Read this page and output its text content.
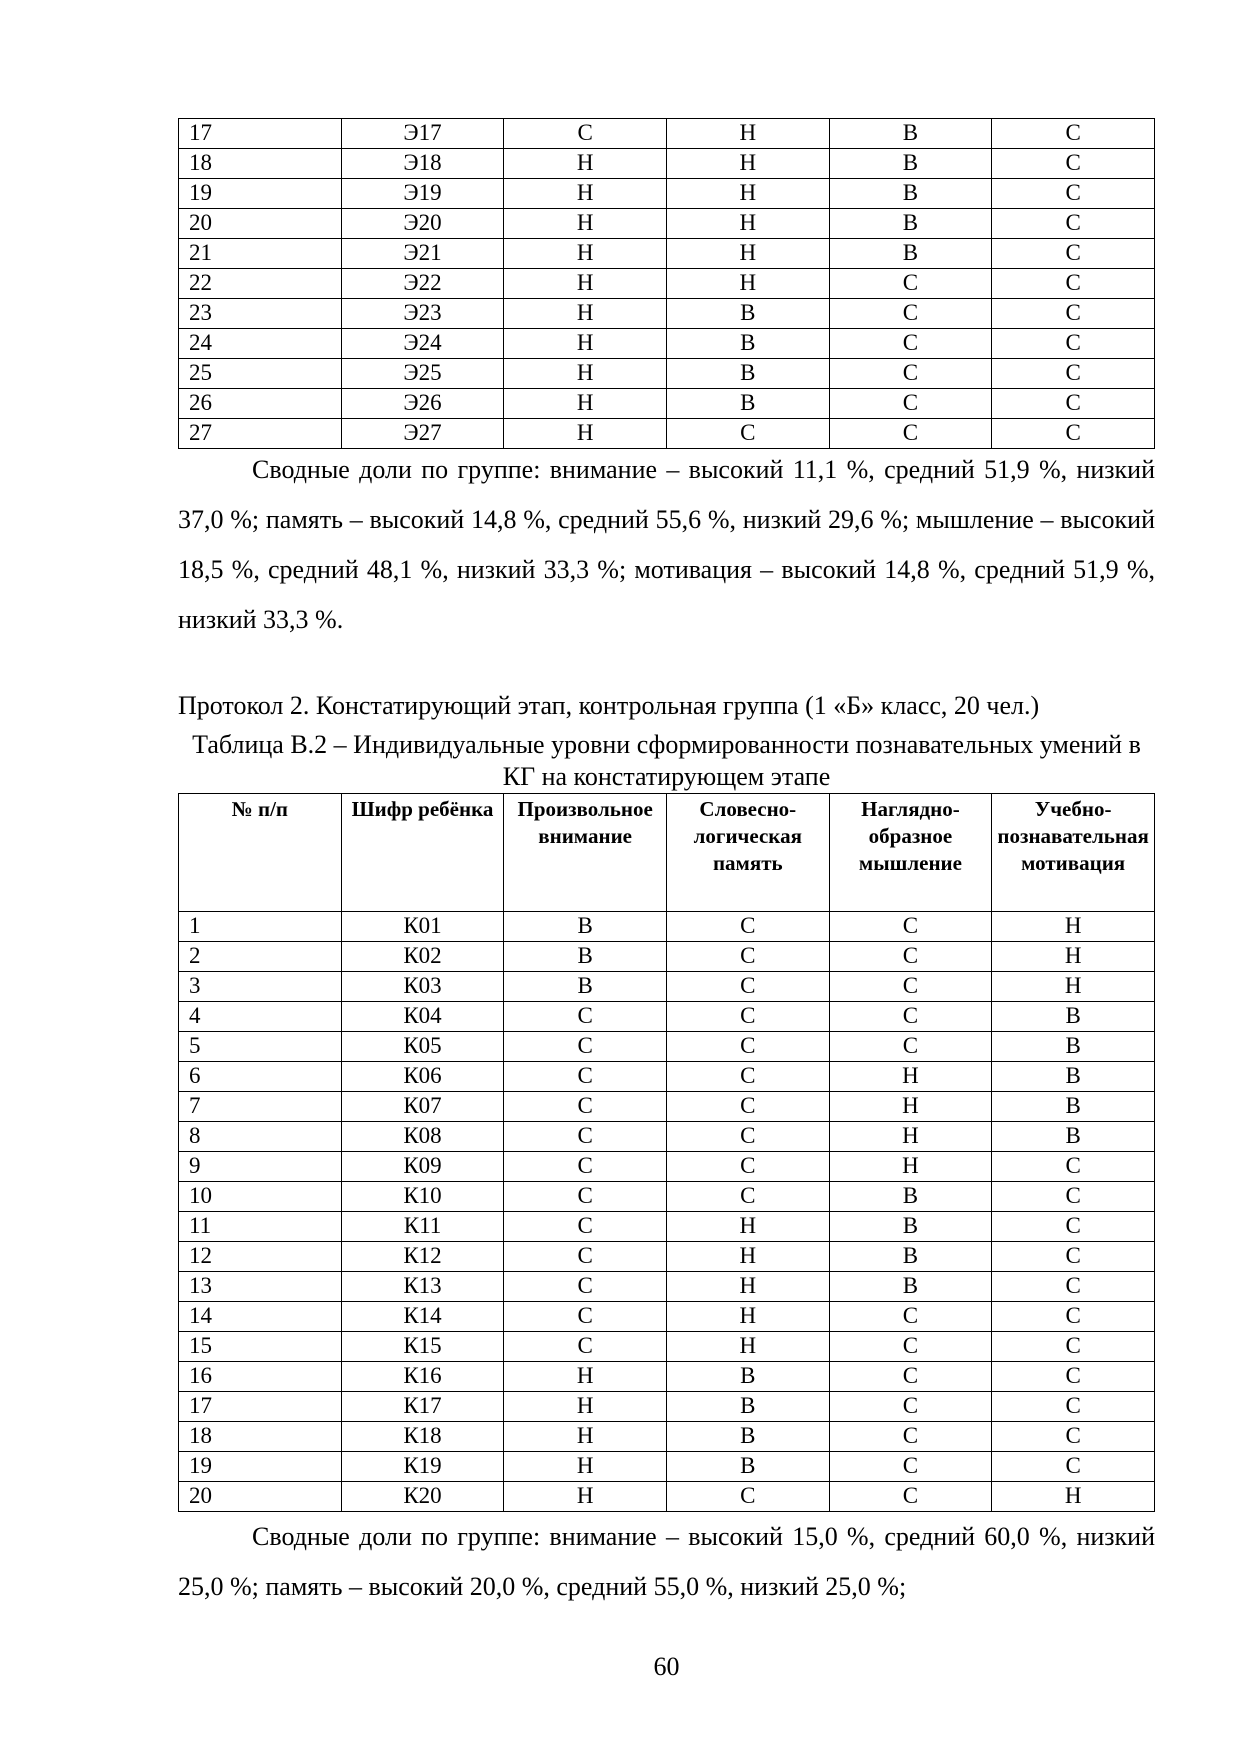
17	Э17	С	Н	В	С
18	Э18	Н	Н	В	С
19	Э19	Н	Н	В	С
20	Э20	Н	Н	В	С
21	Э21	Н	Н	В	С
22	Э22	Н	Н	С	С
23	Э23	Н	В	С	С
24	Э24	Н	В	С	С
25	Э25	Н	В	С	С
26	Э26	Н	В	С	С
27	Э27	Н	С	С	С

Сводные доли по группе: внимание – высокий 11,1 %, средний 51,9 %, низкий 37,0 %; память – высокий 14,8 %, средний 55,6 %, низкий 29,6 %; мышление – высокий 18,5 %, средний 48,1 %, низкий 33,3 %; мотивация – высокий 14,8 %, средний 51,9 %, низкий 33,3 %.

Протокол 2. Констатирующий этап, контрольная группа (1 «Б» класс, 20 чел.)

Таблица В.2 – Индивидуальные уровни сформированности познавательных умений в КГ на констатирующем этапе

№ п/п	Шифр ребёнка	Произвольное внимание	Словесно-логическая память	Наглядно-образное мышление	Учебно-познавательная мотивация
1	К01	В	С	С	Н
2	К02	В	С	С	Н
3	К03	В	С	С	Н
4	К04	С	С	С	В
5	К05	С	С	С	В
6	К06	С	С	Н	В
7	К07	С	С	Н	В
8	К08	С	С	Н	В
9	К09	С	С	Н	С
10	К10	С	С	В	С
11	К11	С	Н	В	С
12	К12	С	Н	В	С
13	К13	С	Н	В	С
14	К14	С	Н	С	С
15	К15	С	Н	С	С
16	К16	Н	В	С	С
17	К17	Н	В	С	С
18	К18	Н	В	С	С
19	К19	Н	В	С	С
20	К20	Н	С	С	Н

Сводные доли по группе: внимание – высокий 15,0 %, средний 60,0 %, низкий 25,0 %; память – высокий 20,0 %, средний 55,0 %, низкий 25,0 %;

60
